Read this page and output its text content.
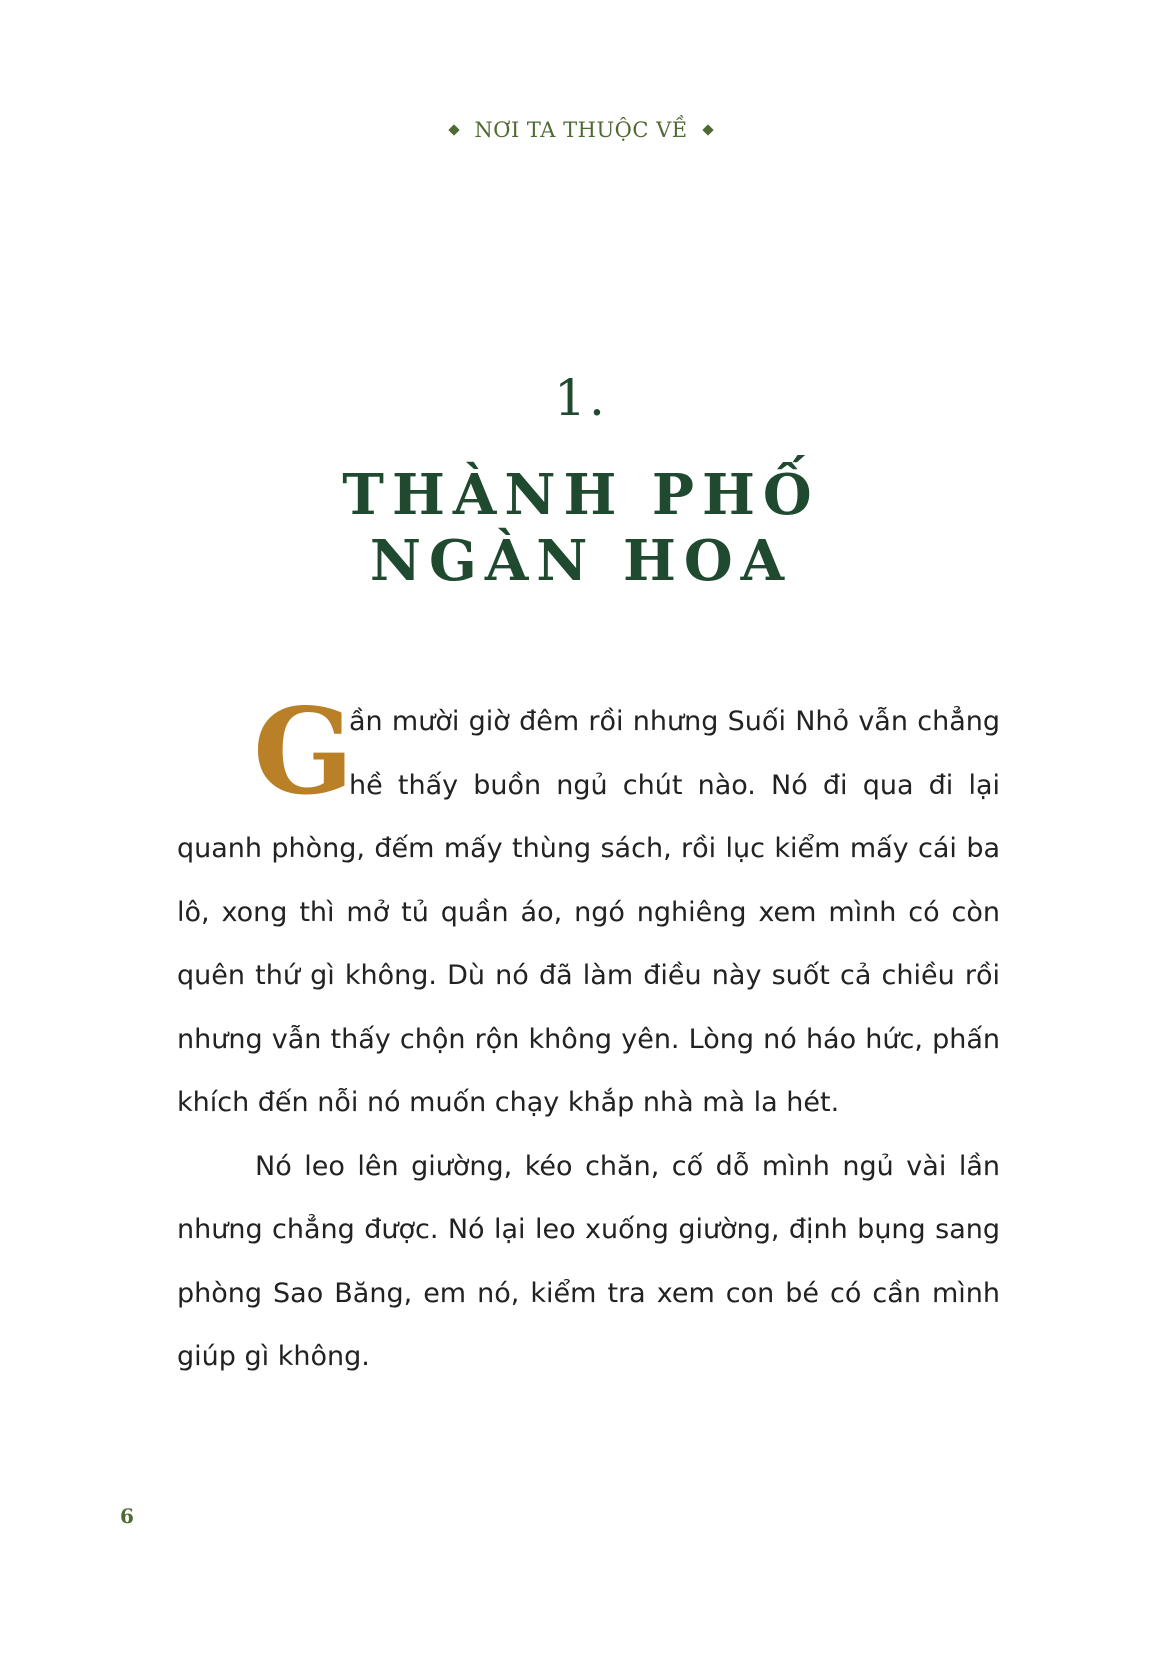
NƠI TA THUỘC VỀ
1.
THÀNH PHỐ
NGÀN HOA

G
ần mười giờ đêm rồi nhưng Suối Nhỏ vẫn chẳng hề thấy buồn ngủ chút nào. Nó đi qua đi lại quanh phòng, đếm mấy thùng sách, rồi lục kiểm mấy cái ba lô, xong thì mở tủ quần áo, ngó nghiêng xem mình có còn quên thứ gì không. Dù nó đã làm điều này suốt cả chiều rồi nhưng vẫn thấy chộn rộn không yên. Lòng nó háo hức, phấn khích đến nỗi nó muốn chạy khắp nhà mà la hét.

Nó leo lên giường, kéo chăn, cố dỗ mình ngủ vài lần nhưng chẳng được. Nó lại leo xuống giường, định bụng sang phòng Sao Băng, em nó, kiểm tra xem con bé có cần mình giúp gì không.

6
